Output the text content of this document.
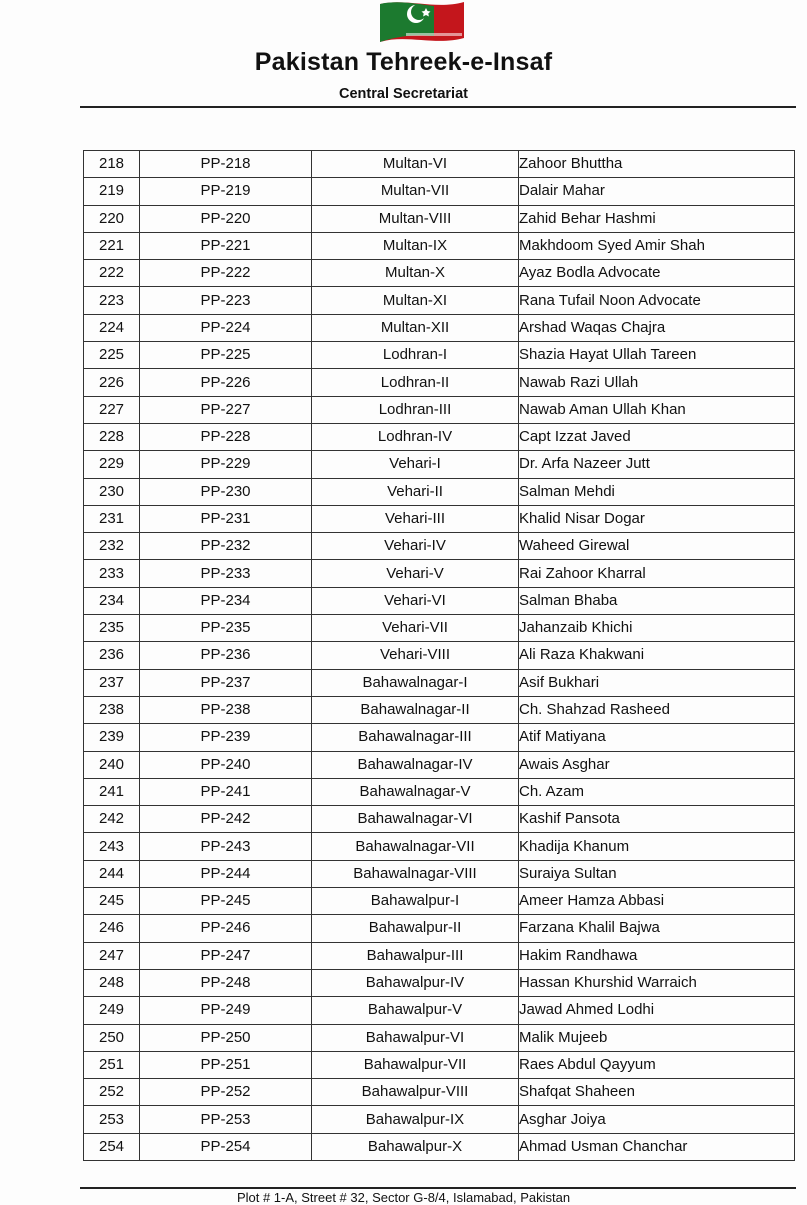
Pakistan Tehreek-e-Insaf
Central Secretariat
218	PP-218	Multan-VI	Zahoor Bhuttha
219	PP-219	Multan-VII	Dalair Mahar
220	PP-220	Multan-VIII	Zahid Behar Hashmi
221	PP-221	Multan-IX	Makhdoom Syed Amir Shah
222	PP-222	Multan-X	Ayaz Bodla Advocate
223	PP-223	Multan-XI	Rana Tufail Noon Advocate
224	PP-224	Multan-XII	Arshad Waqas Chajra
225	PP-225	Lodhran-I	Shazia Hayat Ullah Tareen
226	PP-226	Lodhran-II	Nawab Razi Ullah
227	PP-227	Lodhran-III	Nawab Aman Ullah Khan
228	PP-228	Lodhran-IV	Capt Izzat Javed
229	PP-229	Vehari-I	Dr. Arfa Nazeer Jutt
230	PP-230	Vehari-II	Salman Mehdi
231	PP-231	Vehari-III	Khalid Nisar Dogar
232	PP-232	Vehari-IV	Waheed Girewal
233	PP-233	Vehari-V	Rai Zahoor Kharral
234	PP-234	Vehari-VI	Salman Bhaba
235	PP-235	Vehari-VII	Jahanzaib Khichi
236	PP-236	Vehari-VIII	Ali Raza Khakwani
237	PP-237	Bahawalnagar-I	Asif Bukhari
238	PP-238	Bahawalnagar-II	Ch. Shahzad Rasheed
239	PP-239	Bahawalnagar-III	Atif Matiyana
240	PP-240	Bahawalnagar-IV	Awais Asghar
241	PP-241	Bahawalnagar-V	Ch. Azam
242	PP-242	Bahawalnagar-VI	Kashif Pansota
243	PP-243	Bahawalnagar-VII	Khadija Khanum
244	PP-244	Bahawalnagar-VIII	Suraiya Sultan
245	PP-245	Bahawalpur-I	Ameer Hamza Abbasi
246	PP-246	Bahawalpur-II	Farzana Khalil Bajwa
247	PP-247	Bahawalpur-III	Hakim Randhawa
248	PP-248	Bahawalpur-IV	Hassan Khurshid Warraich
249	PP-249	Bahawalpur-V	Jawad Ahmed Lodhi
250	PP-250	Bahawalpur-VI	Malik Mujeeb
251	PP-251	Bahawalpur-VII	Raes Abdul Qayyum
252	PP-252	Bahawalpur-VIII	Shafqat Shaheen
253	PP-253	Bahawalpur-IX	Asghar Joiya
254	PP-254	Bahawalpur-X	Ahmad Usman Chanchar
Plot # 1-A, Street # 32, Sector G-8/4, Islamabad, Pakistan
